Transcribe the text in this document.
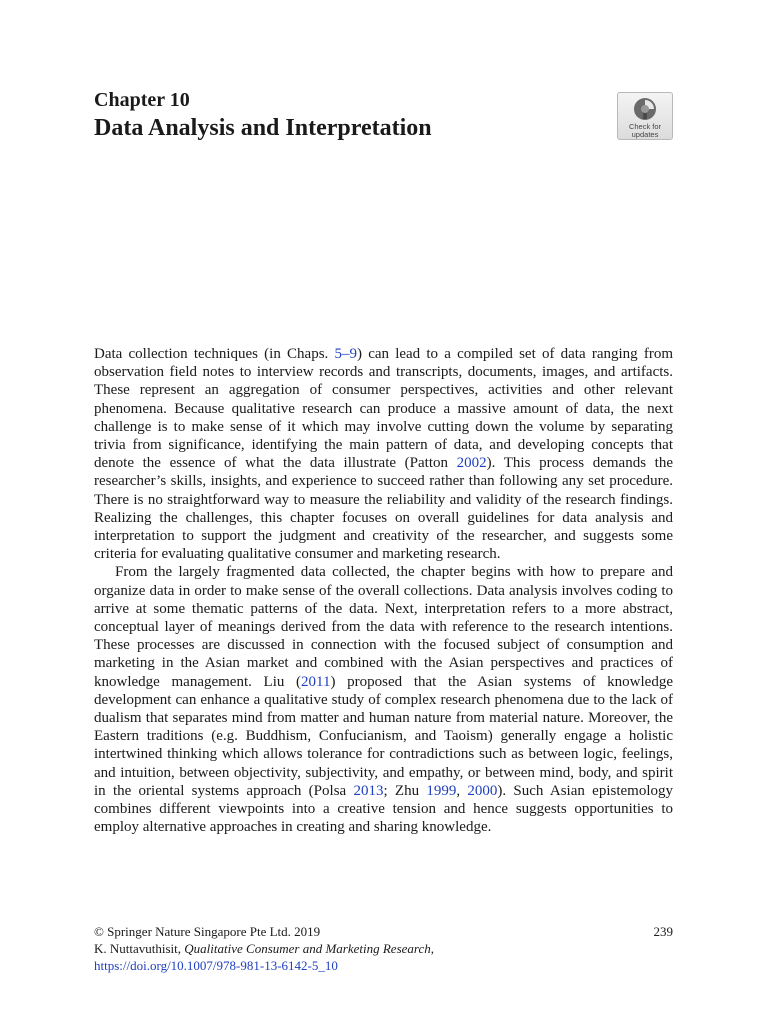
Chapter 10
Data Analysis and Interpretation	Check for updates

Data collection techniques (in Chaps. 5–9) can lead to a compiled set of data ranging from observation field notes to interview records and transcripts, documents, images, and artifacts. These represent an aggregation of consumer perspectives, activities and other relevant phenomena. Because qualitative research can produce a massive amount of data, the next challenge is to make sense of it which may involve cutting down the volume by separating trivia from significance, identifying the main pattern of data, and developing concepts that denote the essence of what the data illustrate (Patton 2002). This process demands the researcher’s skills, insights, and experience to succeed rather than following any set procedure. There is no straightforward way to measure the reliability and validity of the research findings. Realizing the challenges, this chapter focuses on overall guidelines for data analysis and interpretation to support the judgment and creativity of the researcher, and suggests some criteria for evaluating qualitative consumer and marketing research.

From the largely fragmented data collected, the chapter begins with how to prepare and organize data in order to make sense of the overall collections. Data analysis involves coding to arrive at some thematic patterns of the data. Next, interpretation refers to a more abstract, conceptual layer of meanings derived from the data with reference to the research intentions. These processes are discussed in connection with the focused subject of consumption and marketing in the Asian market and combined with the Asian perspectives and practices of knowledge management. Liu (2011) proposed that the Asian systems of knowledge development can enhance a qualitative study of complex research phenomena due to the lack of dualism that separates mind from matter and human nature from material nature. Moreover, the Eastern traditions (e.g. Buddhism, Confucianism, and Taoism) generally engage a holistic intertwined thinking which allows tolerance for contradictions such as between logic, feelings, and intuition, between objectivity, subjectivity, and empathy, or between mind, body, and spirit in the oriental systems approach (Polsa 2013; Zhu 1999, 2000). Such Asian epistemology combines different viewpoints into a creative tension and hence suggests opportunities to employ alternative approaches in creating and sharing knowledge.

© Springer Nature Singapore Pte Ltd. 2019	239
K. Nuttavuthisit, Qualitative Consumer and Marketing Research,
https://doi.org/10.1007/978-981-13-6142-5_10
